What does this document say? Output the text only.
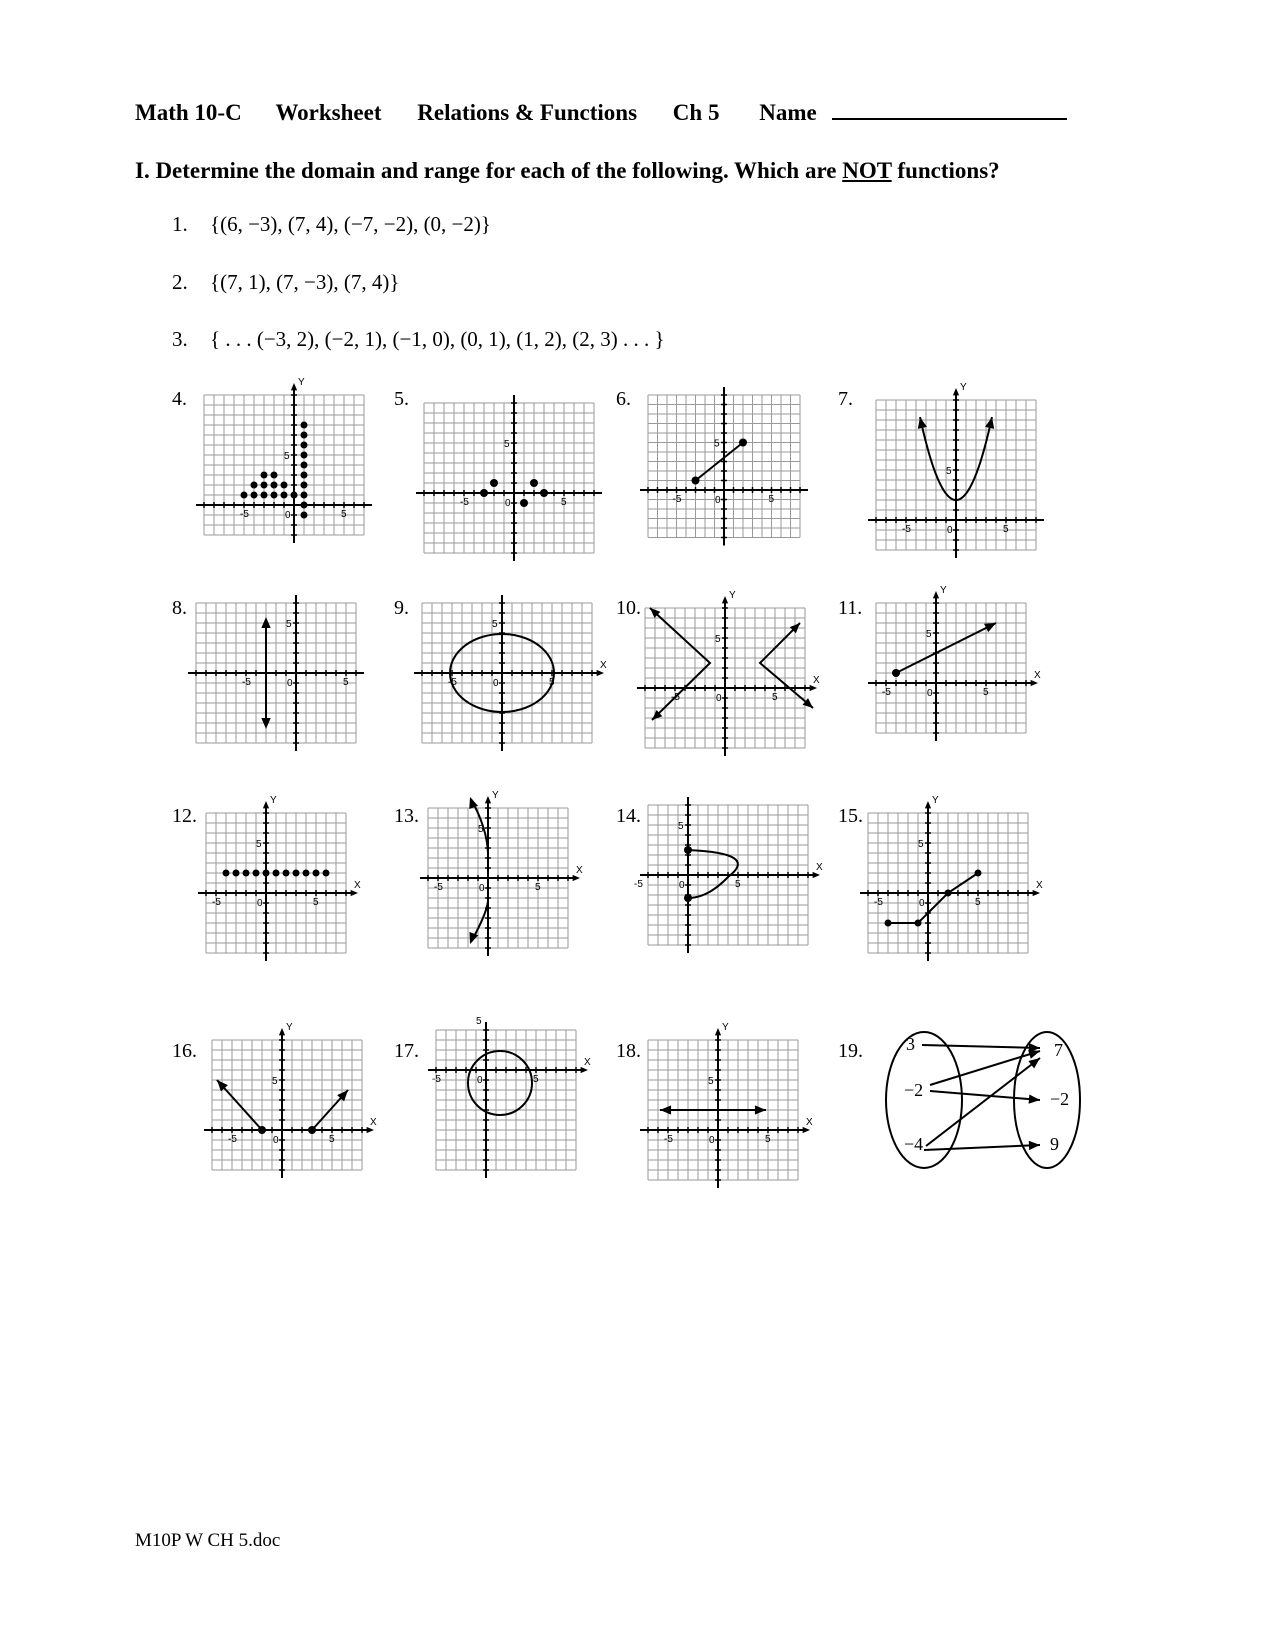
Math 10-C Worksheet Relations & Functions Ch 5 Name
I. Determine the domain and range for each of the following. Which are NOT functions?
1. {(6, −3), (7, 4), (−7, −2), (0, −2)}
2. {(7, 1), (7, −3), (7, 4)}
3. { . . . (−3, 2), (−2, 1), (−1, 0), (0, 1), (1, 2), (2, 3) . . . }
4.	5.	6.	7.
8.	9.	10.	11.
12.	13.	14.	15.
16.	17.	18.	19.
Y
0
-5	5
5
0
-5	5
5
0
-5	5
5
Y
0
-5	5
5
0
-5	5
5
X
0
-5	5
5
Y
X
0
-5	5
5
Y
X
0
-5	5
5
Y
X
0
-5	5
5
Y
X
0
-5	5
5
X
0
-5	5
5
Y
X
0
-5	5
5
Y
X
0
-5	5
5
X
0
-5	5
5
Y
X
0
-5	5
5
3
−2
−4
7
−2
9
M10P W CH 5.doc
